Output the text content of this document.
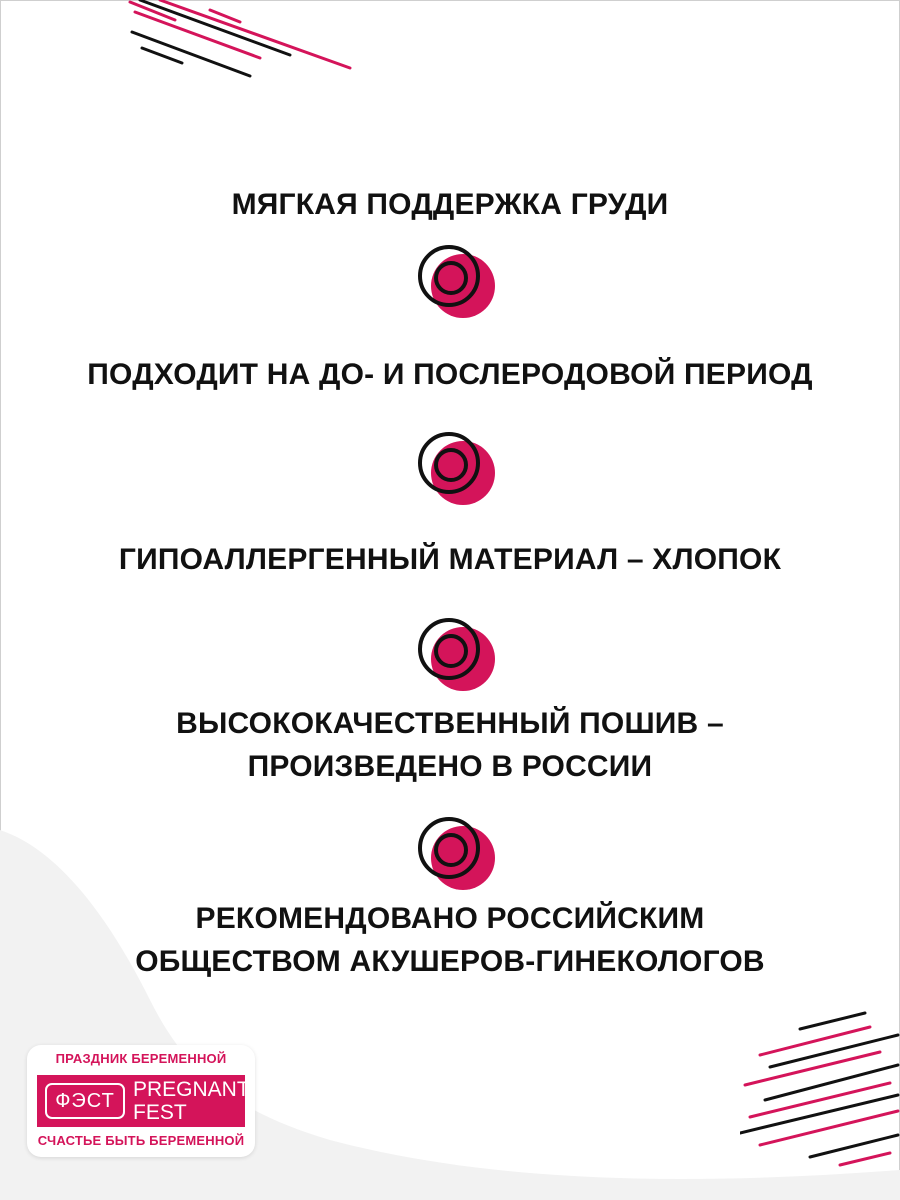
МЯГКАЯ ПОДДЕРЖКА ГРУДИ

ПОДХОДИТ НА ДО- И ПОСЛЕРОДОВОЙ ПЕРИОД

ГИПОАЛЛЕРГЕННЫЙ МАТЕРИАЛ – ХЛОПОК

ВЫСОКОКАЧЕСТВЕННЫЙ ПОШИВ –
ПРОИЗВЕДЕНО В РОССИИ

РЕКОМЕНДОВАНО РОССИЙСКИМ
ОБЩЕСТВОМ АКУШЕРОВ-ГИНЕКОЛОГОВ

ПРАЗДНИК БЕРЕМЕННОЙ
ФЭСТ PREGNANT
FEST
СЧАСТЬЕ БЫТЬ БЕРЕМЕННОЙ
